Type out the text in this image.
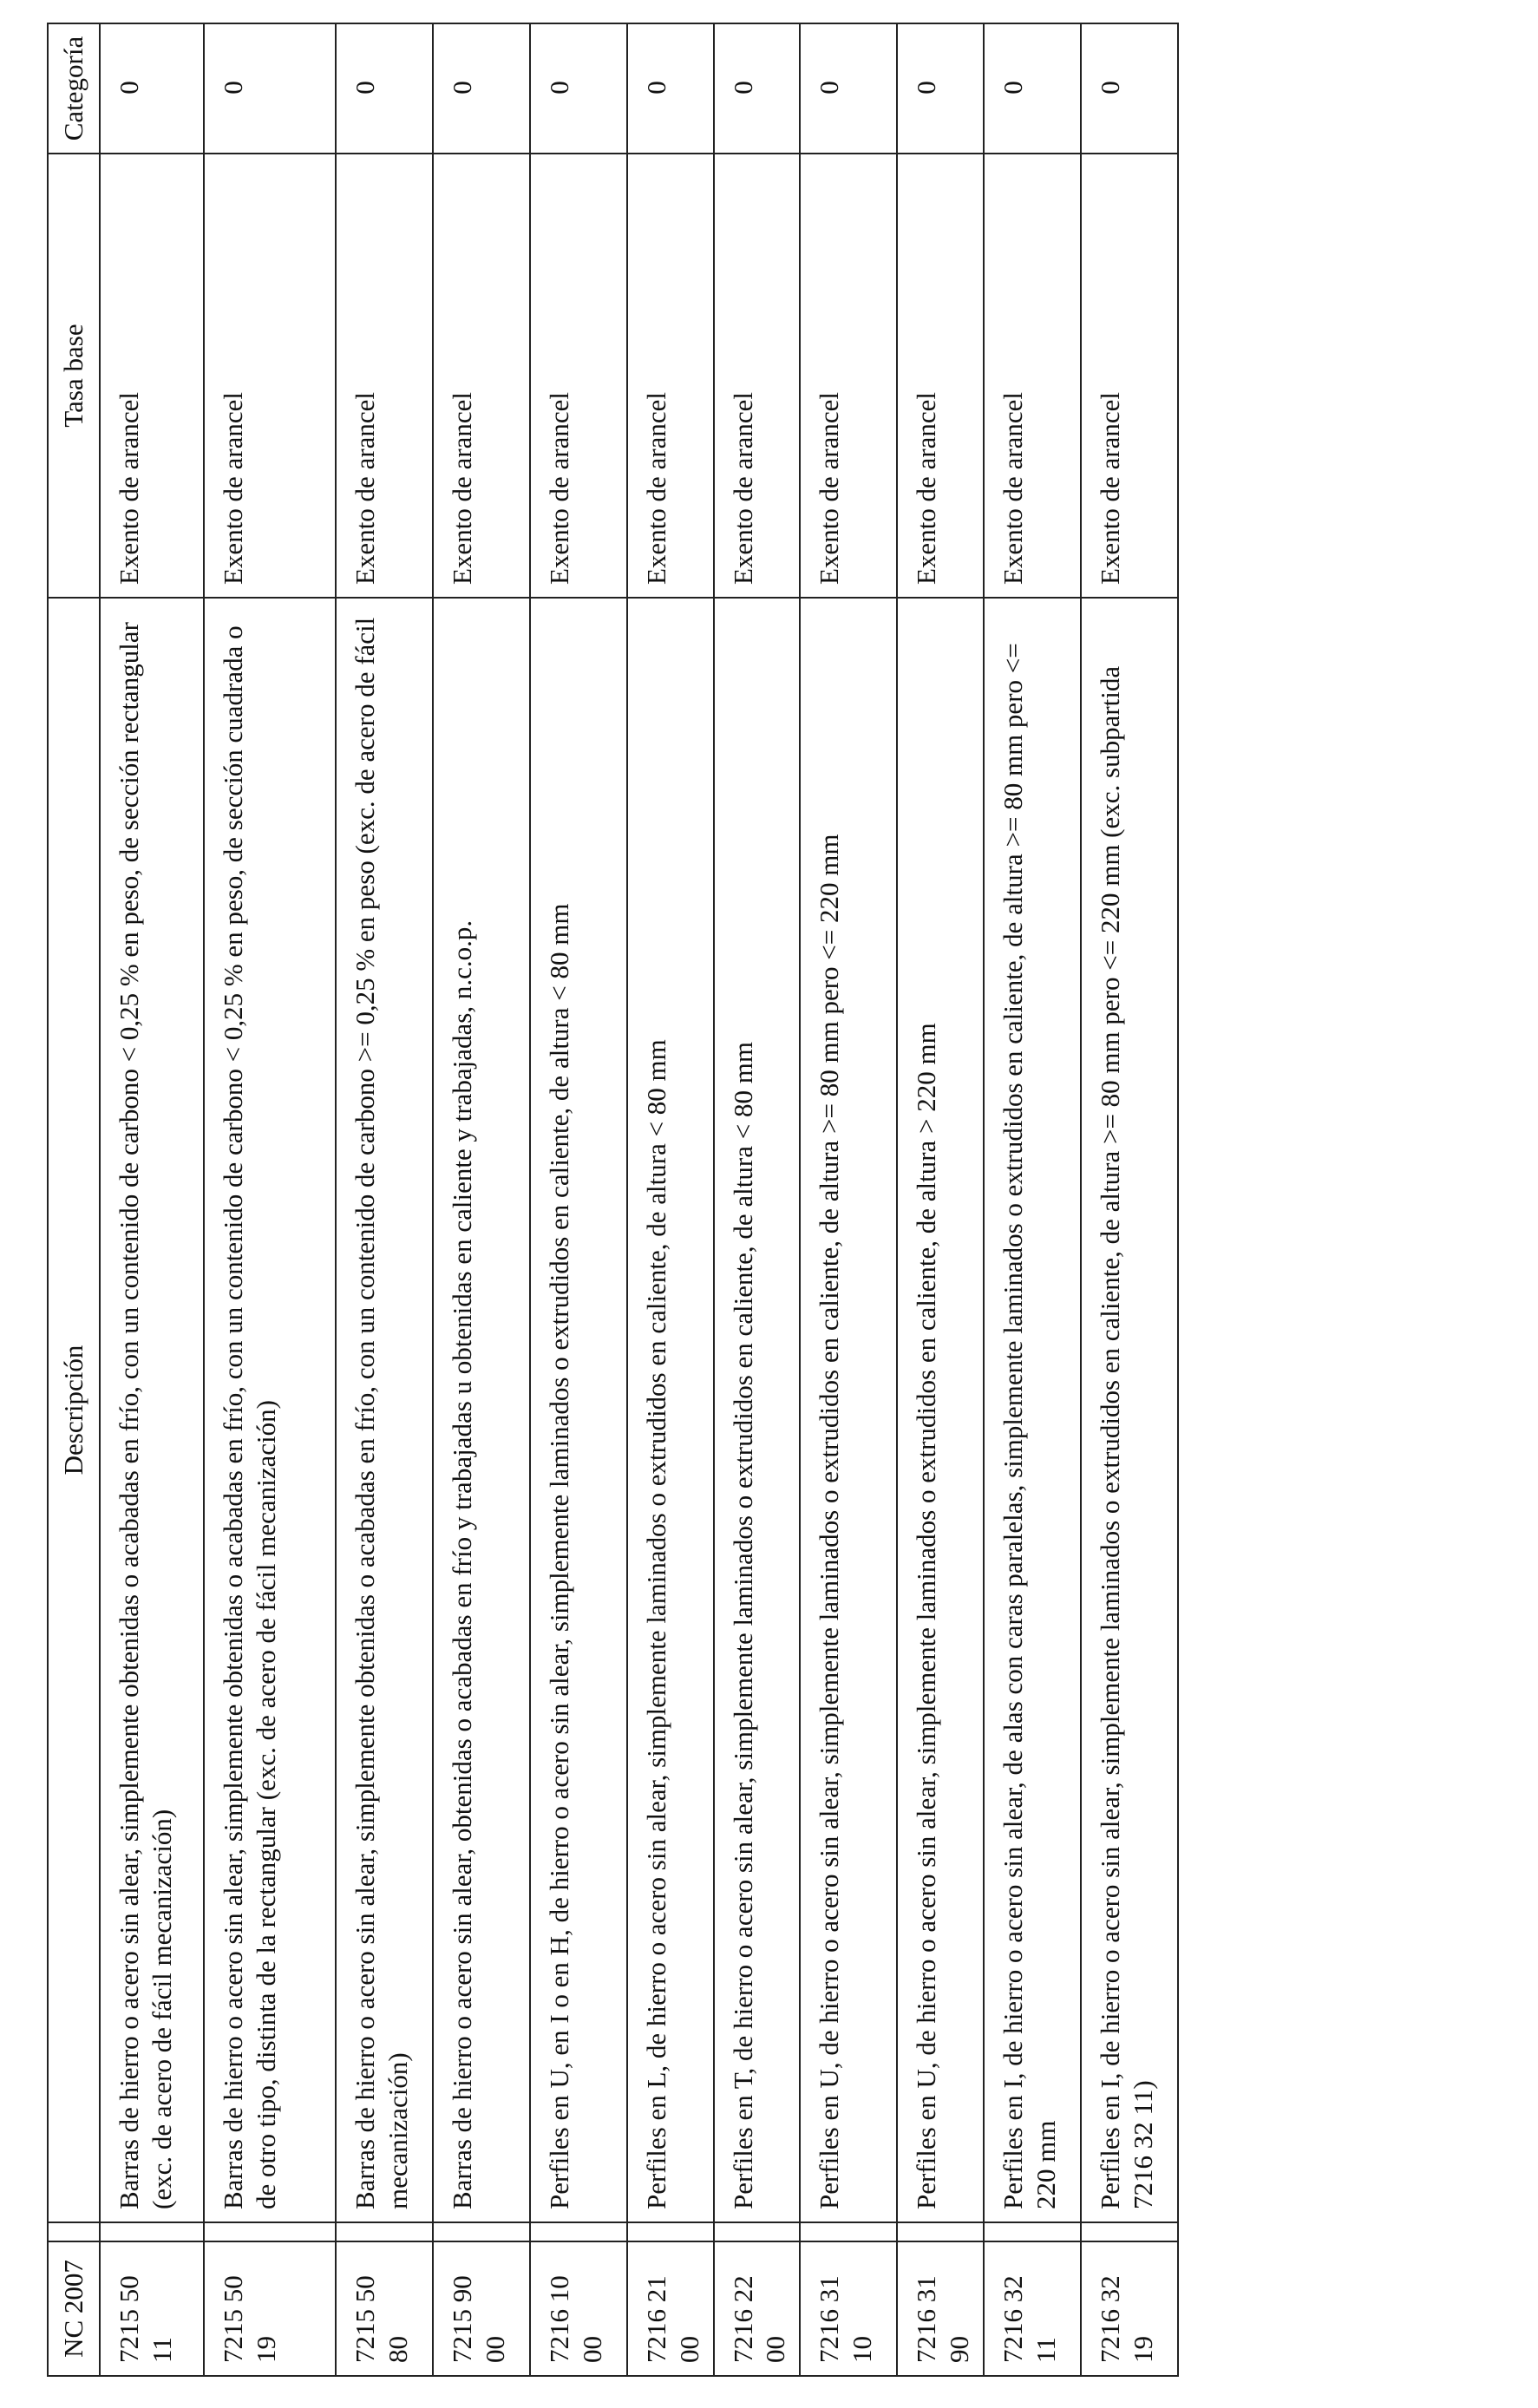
NC 2007		Descripción	Tasa base	Categoría
7215 50 11		Barras de hierro o acero sin alear, simplemente obtenidas o acabadas en frío, con un contenido de carbono < 0,25 % en peso, de sección rectangular (exc. de acero de fácil mecanización)	Exento de arancel	0
7215 50 19		Barras de hierro o acero sin alear, simplemente obtenidas o acabadas en frío, con un contenido de carbono < 0,25 % en peso, de sección cuadrada o de otro tipo, distinta de la rectangular (exc. de acero de fácil mecanización)	Exento de arancel	0
7215 50 80		Barras de hierro o acero sin alear, simplemente obtenidas o acabadas en frío, con un contenido de carbono >= 0,25 % en peso (exc. de acero de fácil mecanización)	Exento de arancel	0
7215 90 00		Barras de hierro o acero sin alear, obtenidas o acabadas en frío y trabajadas u obtenidas en caliente y trabajadas, n.c.o.p.	Exento de arancel	0
7216 10 00		Perfiles en U, en I o en H, de hierro o acero sin alear, simplemente laminados o extrudidos en caliente, de altura < 80 mm	Exento de arancel	0
7216 21 00		Perfiles en L, de hierro o acero sin alear, simplemente laminados o extrudidos en caliente, de altura < 80 mm	Exento de arancel	0
7216 22 00		Perfiles en T, de hierro o acero sin alear, simplemente laminados o extrudidos en caliente, de altura < 80 mm	Exento de arancel	0
7216 31 10		Perfiles en U, de hierro o acero sin alear, simplemente laminados o extrudidos en caliente, de altura >= 80 mm pero <= 220 mm	Exento de arancel	0
7216 31 90		Perfiles en U, de hierro o acero sin alear, simplemente laminados o extrudidos en caliente, de altura > 220 mm	Exento de arancel	0
7216 32 11		Perfiles en I, de hierro o acero sin alear, de alas con caras paralelas, simplemente laminados o extrudidos en caliente, de altura >= 80 mm pero <= 220 mm	Exento de arancel	0
7216 32 19		Perfiles en I, de hierro o acero sin alear, simplemente laminados o extrudidos en caliente, de altura >= 80 mm pero <= 220 mm (exc. subpartida 7216 32 11)	Exento de arancel	0
